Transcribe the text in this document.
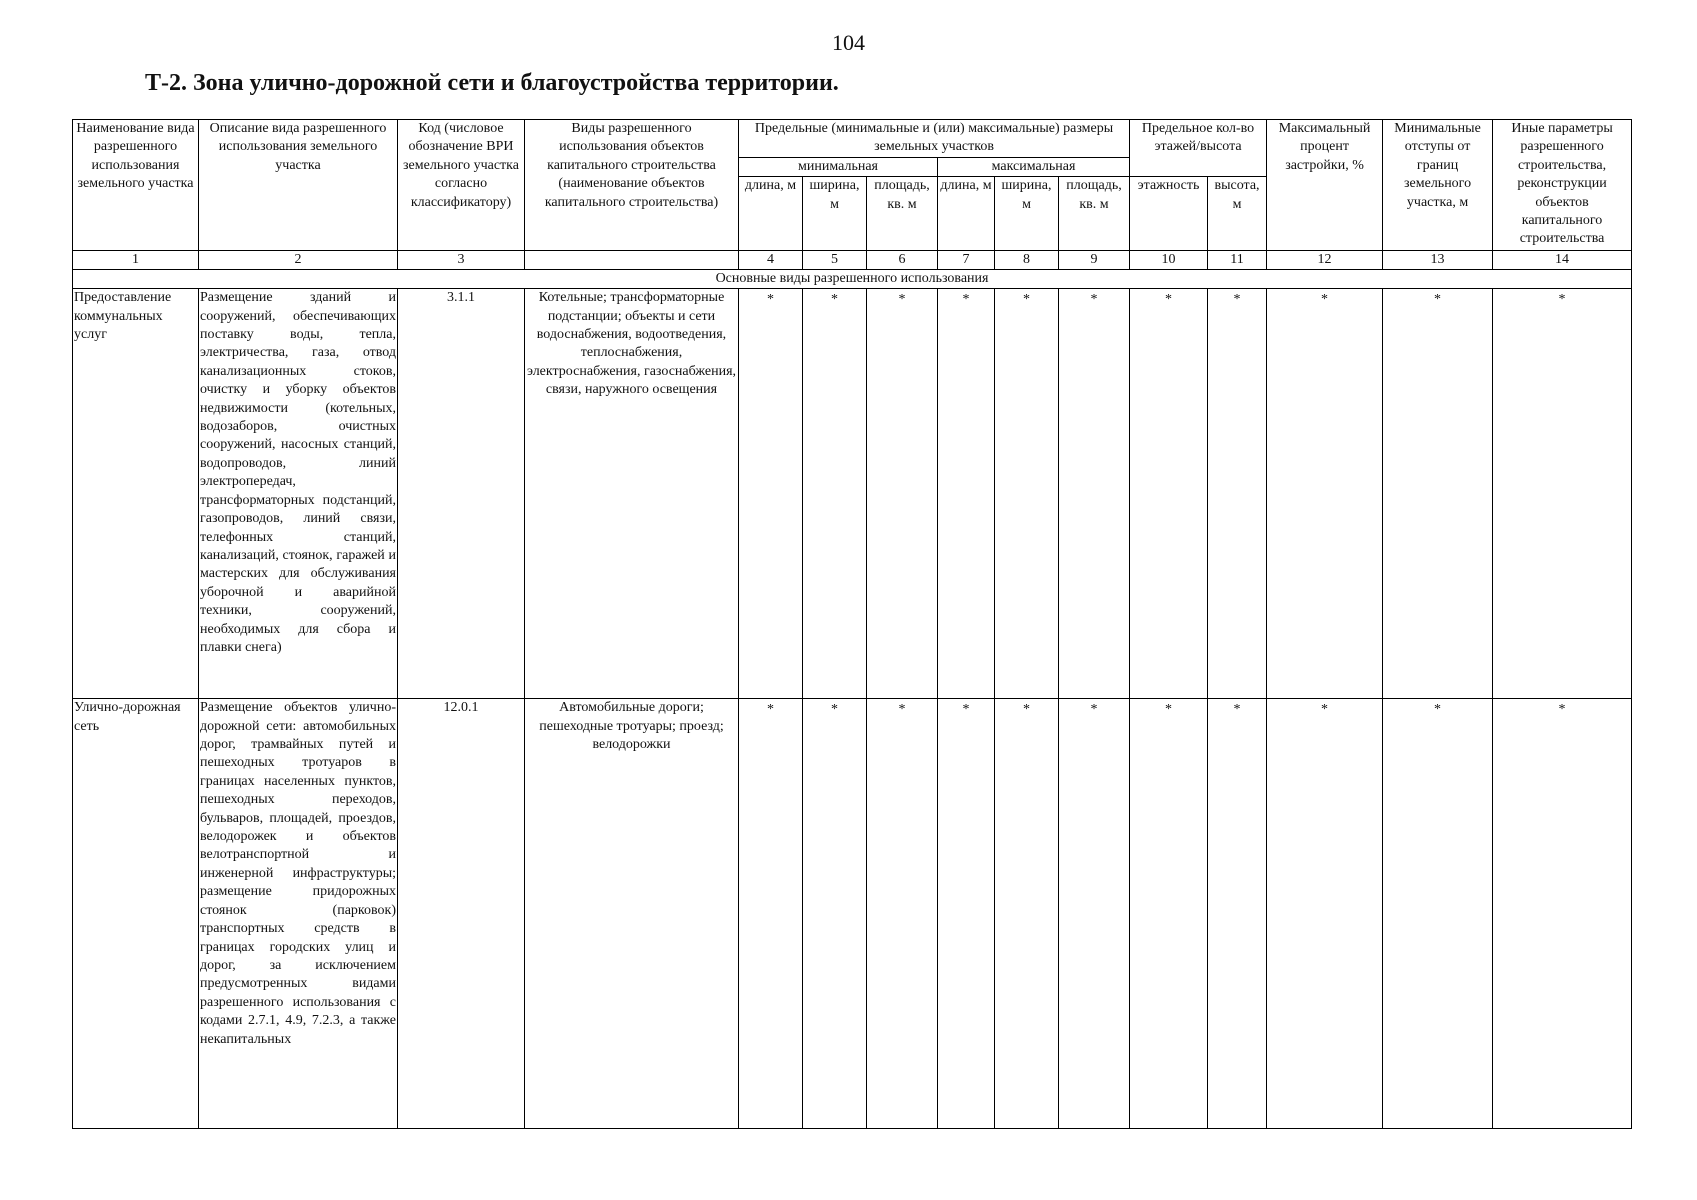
104
Т-2. Зона улично-дорожной сети и благоустройства территории.
Наименование вида разрешенного использования земельного участка	Описание вида разрешенного использования земельного участка	Код (числовое обозначение ВРИ земельного участка согласно классификатору)	Виды разрешенного использования объектов капитального строительства (наименование объектов капитального строительства)	Предельные (минимальные и (или) максимальные) размеры земельных участков						Предельное кол-во этажей/высота		Максимальный процент застройки, %	Минимальные отступы от границ земельного участка, м	Иные параметры разрешенного строительства, реконструкции объектов капитального строительства
				минимальная			максимальная							
				длина, м	ширина, м	площадь, кв. м	длина, м	ширина, м	площадь, кв. м	этажность	высота, м			
1	2	3		4	5	6	7	8	9	10	11	12	13	14
Основные виды разрешенного использования														
Предоставление коммунальных услуг	Размещение зданий и сооружений, обеспечивающих поставку воды, тепла, электричества, газа, отвод канализационных стоков, очистку и уборку объектов недвижимости (котельных, водозаборов, очистных сооружений, насосных станций, водопроводов, линий электропередач, трансформаторных подстанций, газопроводов, линий связи, телефонных станций, канализаций, стоянок, гаражей и мастерских для обслуживания уборочной и аварийной техники, сооружений, необходимых для сбора и плавки снега)	3.1.1	Котельные; трансформаторные подстанции; объекты и сети водоснабжения, водоотведения, теплоснабжения, электроснабжения, газоснабжения, связи, наружного освещения	*	*	*	*	*	*	*	*	*	*	*
Улично-дорожная сеть	Размещение объектов улично-дорожной сети: автомобильных дорог, трамвайных путей и пешеходных тротуаров в границах населенных пунктов, пешеходных переходов, бульваров, площадей, проездов, велодорожек и объектов велотранспортной и инженерной инфраструктуры; размещение придорожных стоянок (парковок) транспортных средств в границах городских улиц и дорог, за исключением предусмотренных видами разрешенного использования с кодами 2.7.1, 4.9, 7.2.3, а также некапитальных	12.0.1	Автомобильные дороги; пешеходные тротуары; проезд; велодорожки	*	*	*	*	*	*	*	*	*	*	*
